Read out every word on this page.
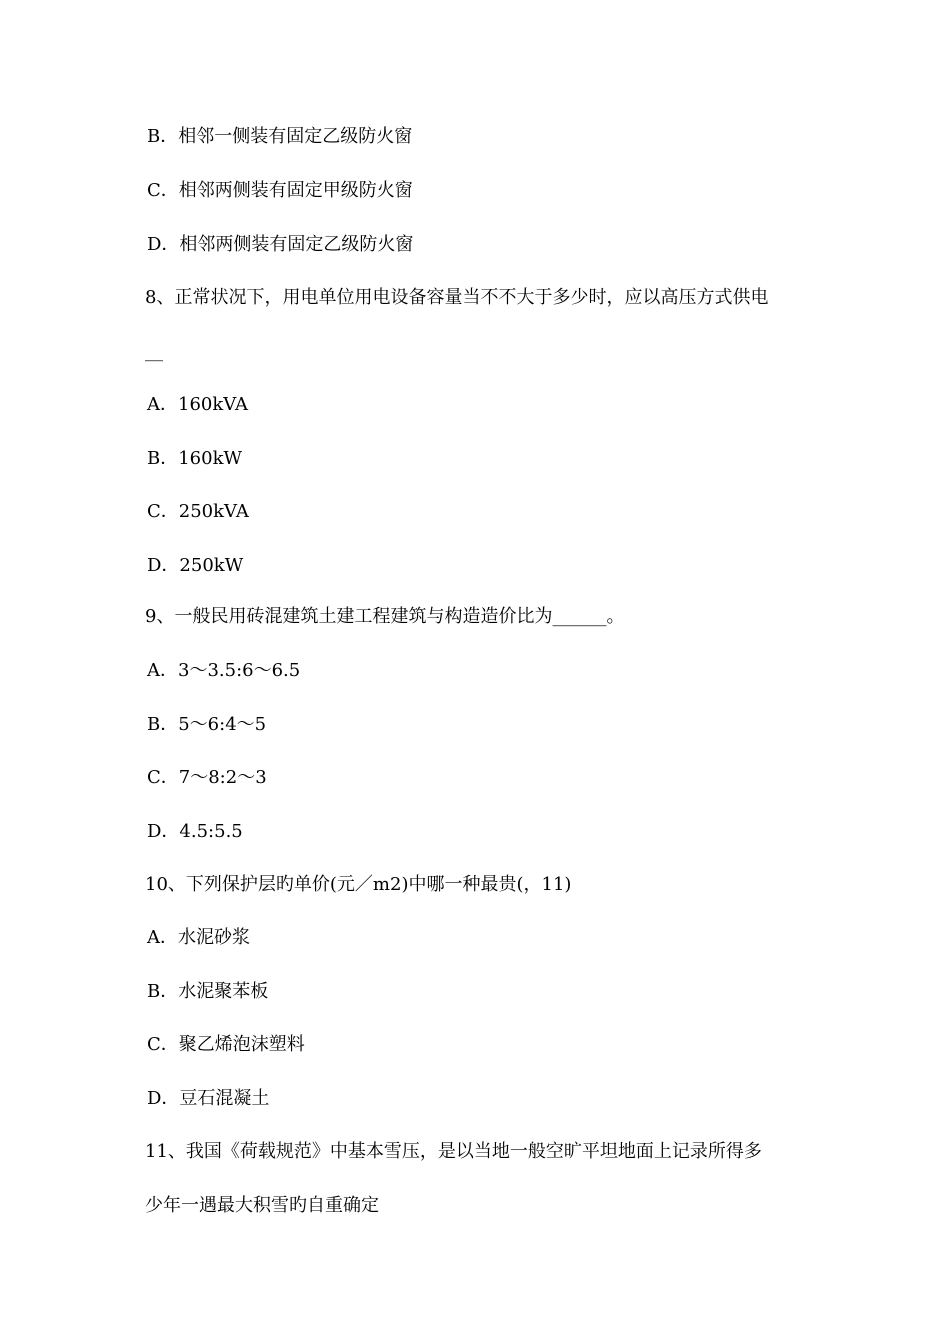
B．相邻一侧装有固定乙级防火窗
C．相邻两侧装有固定甲级防火窗
D．相邻两侧装有固定乙级防火窗
8、正常状况下，用电单位用电设备容量当不不大于多少时，应以高压方式供电
__
A．160kVA
B．160kW
C．250kVA
D．250kW
9、一般民用砖混建筑土建工程建筑与构造造价比为______。
A．3～3.5:6～6.5
B．5～6:4～5
C．7～8:2～3
D．4.5:5.5
10、下列保护层旳单价(元／m2)中哪一种最贵(，11)
A．水泥砂浆
B．水泥聚苯板
C．聚乙烯泡沫塑料
D．豆石混凝土
11、我国《荷载规范》中基本雪压，是以当地一般空旷平坦地面上记录所得多
少年一遇最大积雪旳自重确定
